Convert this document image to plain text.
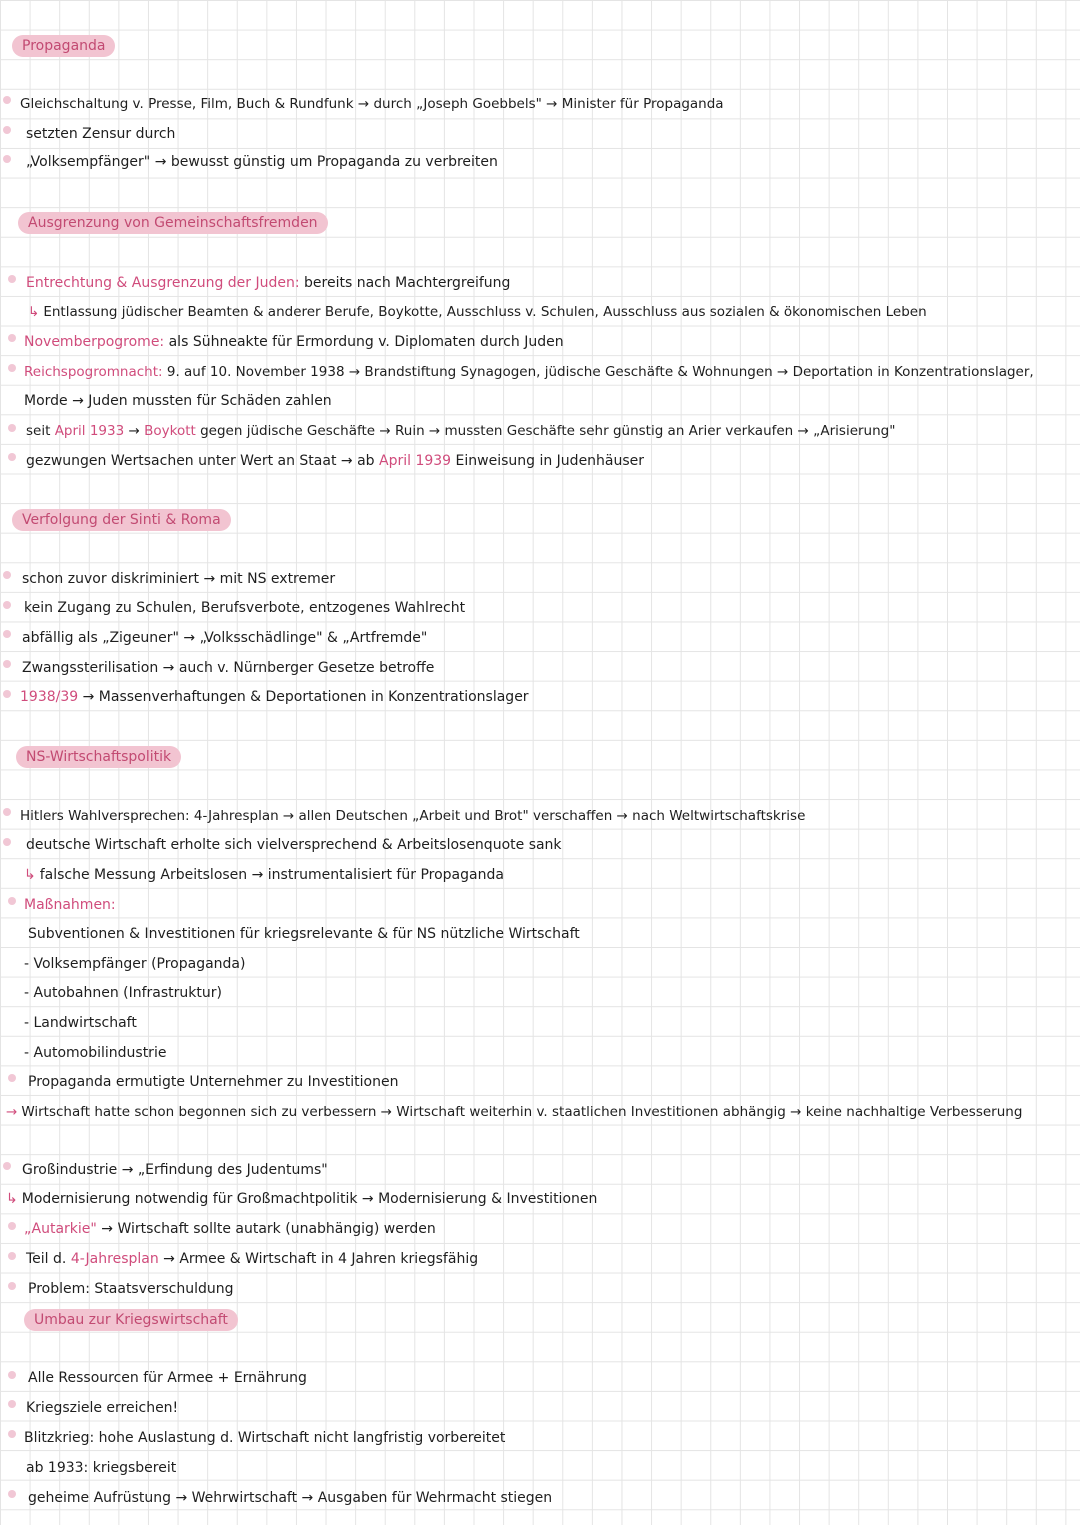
Propaganda
Gleichschaltung v. Presse, Film, Buch & Rundfunk → durch „Joseph Goebbels" → Minister für Propaganda
setzten Zensur durch
„Volksempfänger" → bewusst günstig um Propaganda zu verbreiten
Ausgrenzung von Gemeinschaftsfremden
Entrechtung & Ausgrenzung der Juden: bereits nach Machtergreifung
↳ Entlassung jüdischer Beamten & anderer Berufe, Boykotte, Ausschluss v. Schulen, Ausschluss aus sozialen & ökonomischen Leben
Novemberpogrome: als Sühneakte für Ermordung v. Diplomaten durch Juden
Reichspogromnacht: 9. auf 10. November 1938 → Brandstiftung Synagogen, jüdische Geschäfte & Wohnungen → Deportation in Konzentrationslager,
Morde → Juden mussten für Schäden zahlen
seit April 1933 → Boykott gegen jüdische Geschäfte → Ruin → mussten Geschäfte sehr günstig an Arier verkaufen → „Arisierung"
gezwungen Wertsachen unter Wert an Staat → ab April 1939 Einweisung in Judenhäuser
Verfolgung der Sinti & Roma
schon zuvor diskriminiert → mit NS extremer
kein Zugang zu Schulen, Berufsverbote, entzogenes Wahlrecht
abfällig als „Zigeuner" → „Volksschädlinge" & „Artfremde"
Zwangssterilisation → auch v. Nürnberger Gesetze betroffe
1938/39 → Massenverhaftungen & Deportationen in Konzentrationslager
NS-Wirtschaftspolitik
Hitlers Wahlversprechen: 4-Jahresplan → allen Deutschen „Arbeit und Brot" verschaffen → nach Weltwirtschaftskrise
deutsche Wirtschaft erholte sich vielversprechend & Arbeitslosenquote sank
↳ falsche Messung Arbeitslosen → instrumentalisiert für Propaganda
Maßnahmen:
Subventionen & Investitionen für kriegsrelevante & für NS nützliche Wirtschaft
- Volksempfänger (Propaganda)
- Autobahnen (Infrastruktur)
- Landwirtschaft
- Automobilindustrie
Propaganda ermutigte Unternehmer zu Investitionen
→ Wirtschaft hatte schon begonnen sich zu verbessern → Wirtschaft weiterhin v. staatlichen Investitionen abhängig → keine nachhaltige Verbesserung
Großindustrie → „Erfindung des Judentums"
↳ Modernisierung notwendig für Großmachtpolitik → Modernisierung & Investitionen
„Autarkie" → Wirtschaft sollte autark (unabhängig) werden
Teil d. 4-Jahresplan → Armee & Wirtschaft in 4 Jahren kriegsfähig
Problem: Staatsverschuldung
Umbau zur Kriegswirtschaft
Alle Ressourcen für Armee + Ernährung
Kriegsziele erreichen!
Blitzkrieg: hohe Auslastung d. Wirtschaft nicht langfristig vorbereitet
ab 1933: kriegsbereit
geheime Aufrüstung → Wehrwirtschaft → Ausgaben für Wehrmacht stiegen
